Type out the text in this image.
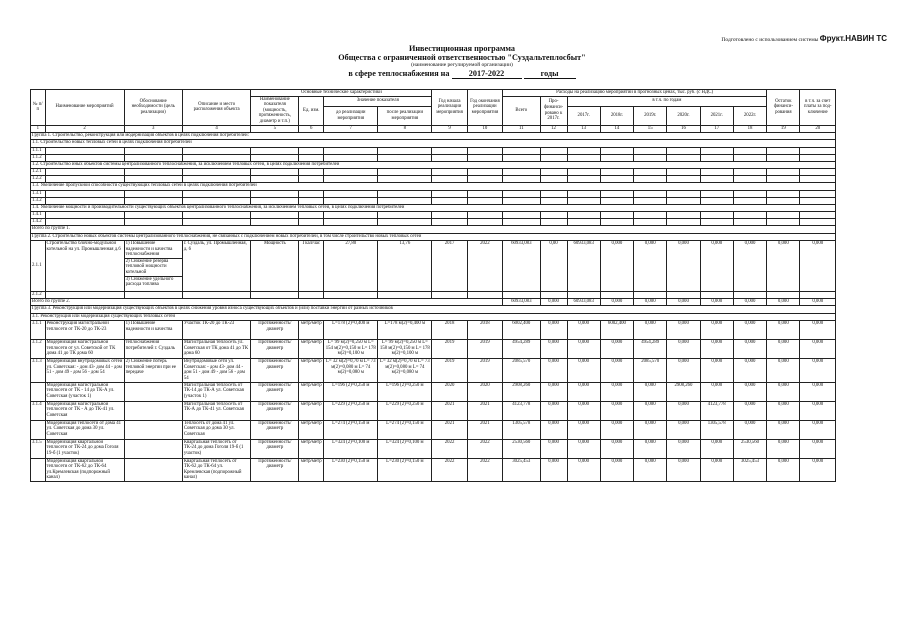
Подготовлено с использованием системы Фрукт.НАВИН ТС
Инвестиционная программа
Общества с ограниченной ответственностью "Суздальтеплосбыт"
(наименование регулируемой организации)
в сфере теплоснабжения на 2017-2022	годы
№ п/п	Наименование мероприятий	Обоснование необходимости (цель реализации)	Описание и место расположения объекта	Основные технические характеристики				Год начала реализации мероприятия	Год окончания реализации мероприятия	Расходы на реализацию мероприятий в прогнозных ценах, тыс. руб. (с НДС)								Остаток финанси-рования	в т.ч. за счет платы за под-ключение
				Наименование показателя (мощность, протяженность, диаметр и т.п.)	Ед. изм.	Значение показателя				Всего	Про-финанси-ровано к 2017г.	в т.ч. по годам							
						до реализации мероприятия	после реализации мероприятия					2017г.	2018г.	2019г.	2020г.	2021г.	2022г.		
1	2	3	4	5	6	7	8	9	10	11	12	13	14	15	16	17	18	19	20
Группа 1. Строительство, реконструкция или модернизация объектов в целях подключения потребителей:																			
1.1. Строительство новых тепловых сетей в целях подключения потребителей																			
1.1.1																			
1.1.2																			
1.2. Строительство иных объектов системы централизованного теплоснабжения, за исключением тепловых сетей, в целях подключения потребителей																			
1.2.1																			
1.2.2																			
1.3. Увеличение пропускной способности существующих тепловых сетей в целях подключения потребителей																			
1.3.1																			
1.3.2																			
1.4. Увеличение мощности и производительности существующих объектов централизованного теплоснабжения, за исключением тепловых сетей, в целях подключения потребителей																			
1.4.1																			
1.4.2																			
Всего по группе 1.																			
Группа 2. Строительство новых объектов системы централизованного теплоснабжения, не связанных с подключением новых потребителей, в том числе строительство новых тепловых сетей																			
2.1.1	Строительство блочно-модульной котельной на ул. Промышленная д.6	1) Повышение надежности и качества теплоснабжения	г. Суздаль, ул. Промышленная, д. 6	Мощность	Гкал/час	27,80	13,76	2017	2022	60933,083	0,00	60933,083	0,000	0,000	0,000	0,000	0,000	0,000	0,000
		2) Снижение резерва тепловой мощности котельной																	
		3) Снижение удельного расхода топлива																	
2.1.2																			
Всего по группе 2.										60933,083	0,000	60933,083	0,000	0,000	0,000	0,000	0,000	0,000	0,000
Группа 3. Реконструкция или модернизация существующих объектов в целях снижения уровня износа существующих объектов и (или) поставки энергии от разных источников																			
3.1. Реконструкция или модернизация существующих тепловых сетей																			
3.1.1	Реконструкция магистральной теплосети от ТК-20 до ТК-23	1) Повышение надежности и качества	Участок ТК-20 до ТК-23	Протяженность/ диаметр	метр/метр	L=178 (2)=0,400 м	L=178 м(2)=0,400 м	2018	2018	6002,400	0,000	0,000	6002,400	0,000	0,000	0,000	0,000	0,000	0,000
3.1.2	Модернизация магистральной теплосети от ул. Советской от ТК дома 41 до ТК дома 60	теплоснабжения потребителей г. Суздаль	Магистральная теплосеть ул. Советская от ТК дома 41 до ТК дома 60	Протяженность/ диаметр	метр/метр	L= 99 м(2)=0,250 м L= 154 м(2)=0,150 м L= 178 м(2)=0,100 м	L= 99 м(2)=0,250 м L= 158 м(2)=0,150 м L= 178 м(2)=0,100 м	2019	2019	4954,289	0,000	0,000	0,000	4954,289	0,000	0,000	0,000	0,000	0,000
3.1.3	Модернизация внутридомовых сетей ул. Советская: - дом 43- дом 44 - дом 51 - дом 49 - дом 56 - дом 54	2) Снижение потерь тепловой энергии при ее передаче	Внутридомовые сети ул. Советская: - дом 43- дом 44 - дом 51 - дом 49 - дом 56 - дом 54	Протяженность/ диаметр	метр/метр	L= 32 м(2)=0,70 м L= 73 м(2)=0,080 м L= 74 м(2)=0,080 м	L= 32 м(2)=0,70 м L= 73 м(2)=0,080 м L= 74 м(2)=0,080 м	2019	2019	2085,570	0,000	0,000	0,000	2085,570	0,000	0,000	0,000	0,000	0,000
	Модернизация магистральной теплосети от ТК - 14 до ТК-А ул. Советская (участок 1)		Магистральная теплосеть от ТК-14 до ТК-А ул. Советская (участок 1)	Протяженность/ диаметр	метр/метр	L=196 (2)=0,250 м	L=196 (2)=0,250 м	2020	2020	2908,260	0,000	0,000	0,000	0,000	2908,260	0,000	0,000	0,000	0,000
3.1.4	Модернизация магистральной теплосети от ТК - А до ТК-41 ул. Советская		Магистральная теплосеть от ТК-А до ТК-41 ул. Советская	Протяженность/ диаметр	метр/метр	L=229 (2)=0,250 м	L=229 (2)=0,250 м	2021	2021	4123,778	0,000	0,000	0,000	0,000	0,000	4123,778	0,000	0,000	0,000
	Модернизация теплосети от дома 41 ул. Советская до дома 30 ул. Советская		Теплосеть от дома 41 ул. Советская до дома 30 ул. Советская	Протяженность/ диаметр	метр/метр	L=274 (2)=0,150 м	L=274 (2)=0,150 м	2021	2021	1305,578	0,000	0,000	0,000	0,000	0,000	1305,578	0,000	0,000	0,000
3.1.5	Модернизация квартальной теплосети от ТК-24 до дома Гоголя 19-б (1 участок)		Квартальная теплосеть от ТК-24 до дома Гоголя 19-б (1 участок)	Протяженность/ диаметр	метр/метр	L=324 (2)=0,100 м	L=324 (2)=0,100 м	2022	2022	2530,560	0,000	0,000	0,000	0,000	0,000	0,000	2530,560	0,000	0,000
	Модернизация квартальной теплосети от ТК-62 до ТК-64 ул.Кремлевская (подпорожный канал)		Квартальная теплосеть от ТК-62 до ТК-64 ул. Кремлевская (подпорожный канал)	Протяженность/ диаметр	метр/метр	L=230 (2)=0,150 м	L=230 (2)=0,150 м	2022	2022	3025,453	0,000	0,000	0,000	0,000	0,000	0,000	3025,453	0,000	0,000
